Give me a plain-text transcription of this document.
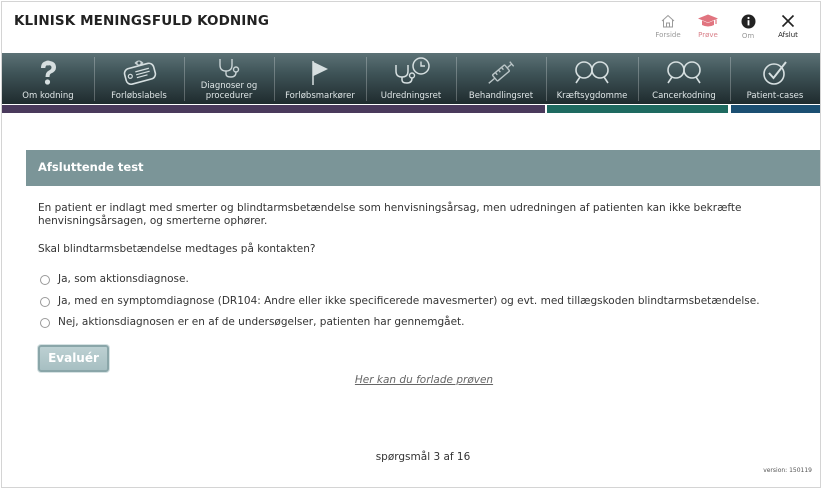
KLINISK MENINGSFULD KODNING
Forside	Prøve	Om	Afslut
Om kodning	Forløbslabels
Diagnoser og
procedurer	Forløbsmarkører	Udredningsret	Behandlingsret	Kræftsygdomme	Cancerkodning	Patient-cases
Afsluttende test
En patient er indlagt med smerter og blindtarmsbetændelse som henvisningsårsag, men udredningen af patienten kan ikke bekræfte henvisningsårsagen, og smerterne ophører.
Skal blindtarmsbetændelse medtages på kontakten?
Ja, som aktionsdiagnose.
Ja, med en symptomdiagnose (DR104: Andre eller ikke specificerede mavesmerter) og evt. med tillægskoden blindtarmsbetændelse.
Nej, aktionsdiagnosen er en af de undersøgelser, patienten har gennemgået.
Evaluér
Her kan du forlade prøven
spørgsmål 3 af 16
version: 150119
